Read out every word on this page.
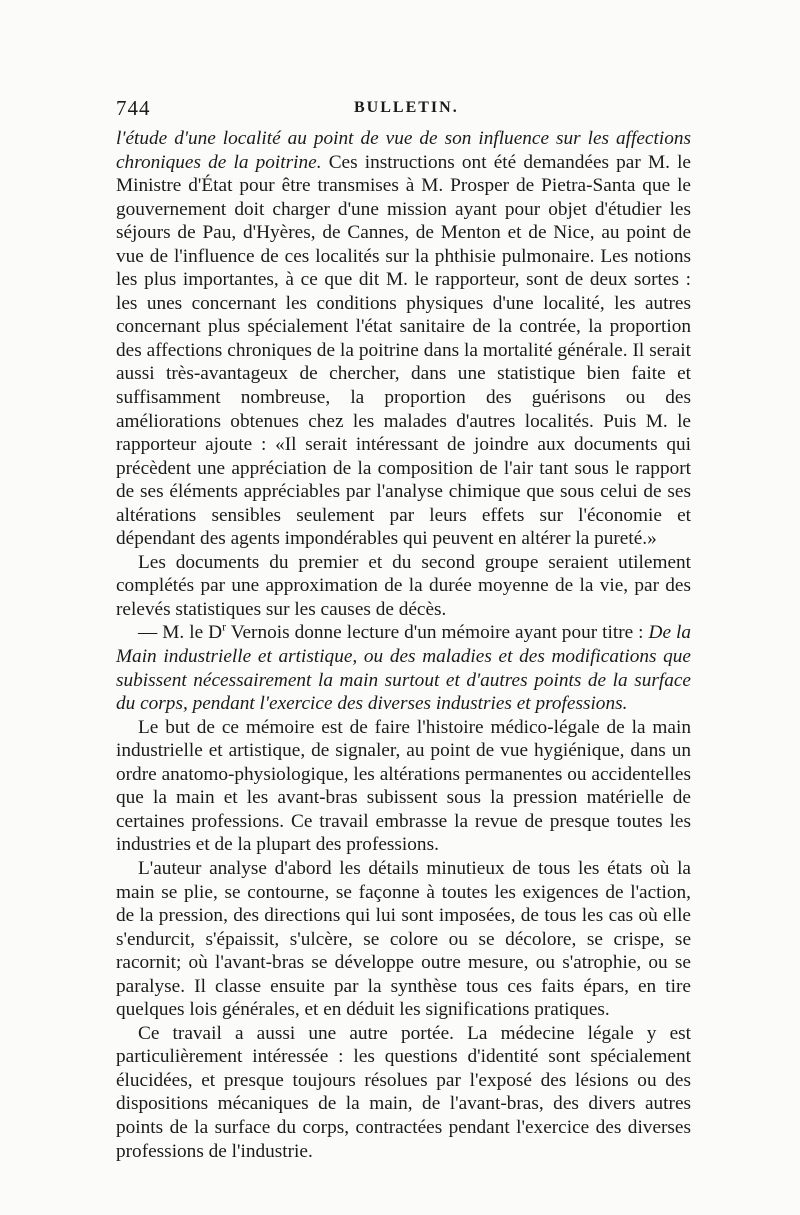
744	BULLETIN.

l'étude d'une localité au point de vue de son influence sur les affections chroniques de la poitrine. Ces instructions ont été demandées par M. le Ministre d'État pour être transmises à M. Prosper de Pietra-Santa que le gouvernement doit charger d'une mission ayant pour objet d'étudier les séjours de Pau, d'Hyères, de Cannes, de Menton et de Nice, au point de vue de l'influence de ces localités sur la phthisie pulmonaire. Les notions les plus importantes, à ce que dit M. le rapporteur, sont de deux sortes : les unes concernant les conditions physiques d'une localité, les autres concernant plus spécialement l'état sanitaire de la contrée, la proportion des affections chroniques de la poitrine dans la mortalité générale. Il serait aussi très-avantageux de chercher, dans une statistique bien faite et suffisamment nombreuse, la proportion des guérisons ou des améliorations obtenues chez les malades d'autres localités. Puis M. le rapporteur ajoute : «Il serait intéressant de joindre aux documents qui précèdent une appréciation de la composition de l'air tant sous le rapport de ses éléments appréciables par l'analyse chimique que sous celui de ses altérations sensibles seulement par leurs effets sur l'économie et dépendant des agents impondérables qui peuvent en altérer la pureté.»

Les documents du premier et du second groupe seraient utilement complétés par une approximation de la durée moyenne de la vie, par des relevés statistiques sur les causes de décès.

— M. le $D^r$ Vernois donne lecture d'un mémoire ayant pour titre : De la Main industrielle et artistique, ou des maladies et des modifications que subissent nécessairement la main surtout et d'autres points de la surface du corps, pendant l'exercice des diverses industries et professions.

Le but de ce mémoire est de faire l'histoire médico-légale de la main industrielle et artistique, de signaler, au point de vue hygiénique, dans un ordre anatomo-physiologique, les altérations permanentes ou accidentelles que la main et les avant-bras subissent sous la pression matérielle de certaines professions. Ce travail embrasse la revue de presque toutes les industries et de la plupart des professions.

L'auteur analyse d'abord les détails minutieux de tous les états où la main se plie, se contourne, se façonne à toutes les exigences de l'action, de la pression, des directions qui lui sont imposées, de tous les cas où elle s'endurcit, s'épaissit, s'ulcère, se colore ou se décolore, se crispe, se racornit; où l'avant-bras se développe outre mesure, ou s'atrophie, ou se paralyse. Il classe ensuite par la synthèse tous ces faits épars, en tire quelques lois générales, et en déduit les significations pratiques.

Ce travail a aussi une autre portée. La médecine légale y est particulièrement intéressée : les questions d'identité sont spécialement élucidées, et presque toujours résolues par l'exposé des lésions ou des dispositions mécaniques de la main, de l'avant-bras, des divers autres points de la surface du corps, contractées pendant l'exercice des diverses professions de l'industrie.
